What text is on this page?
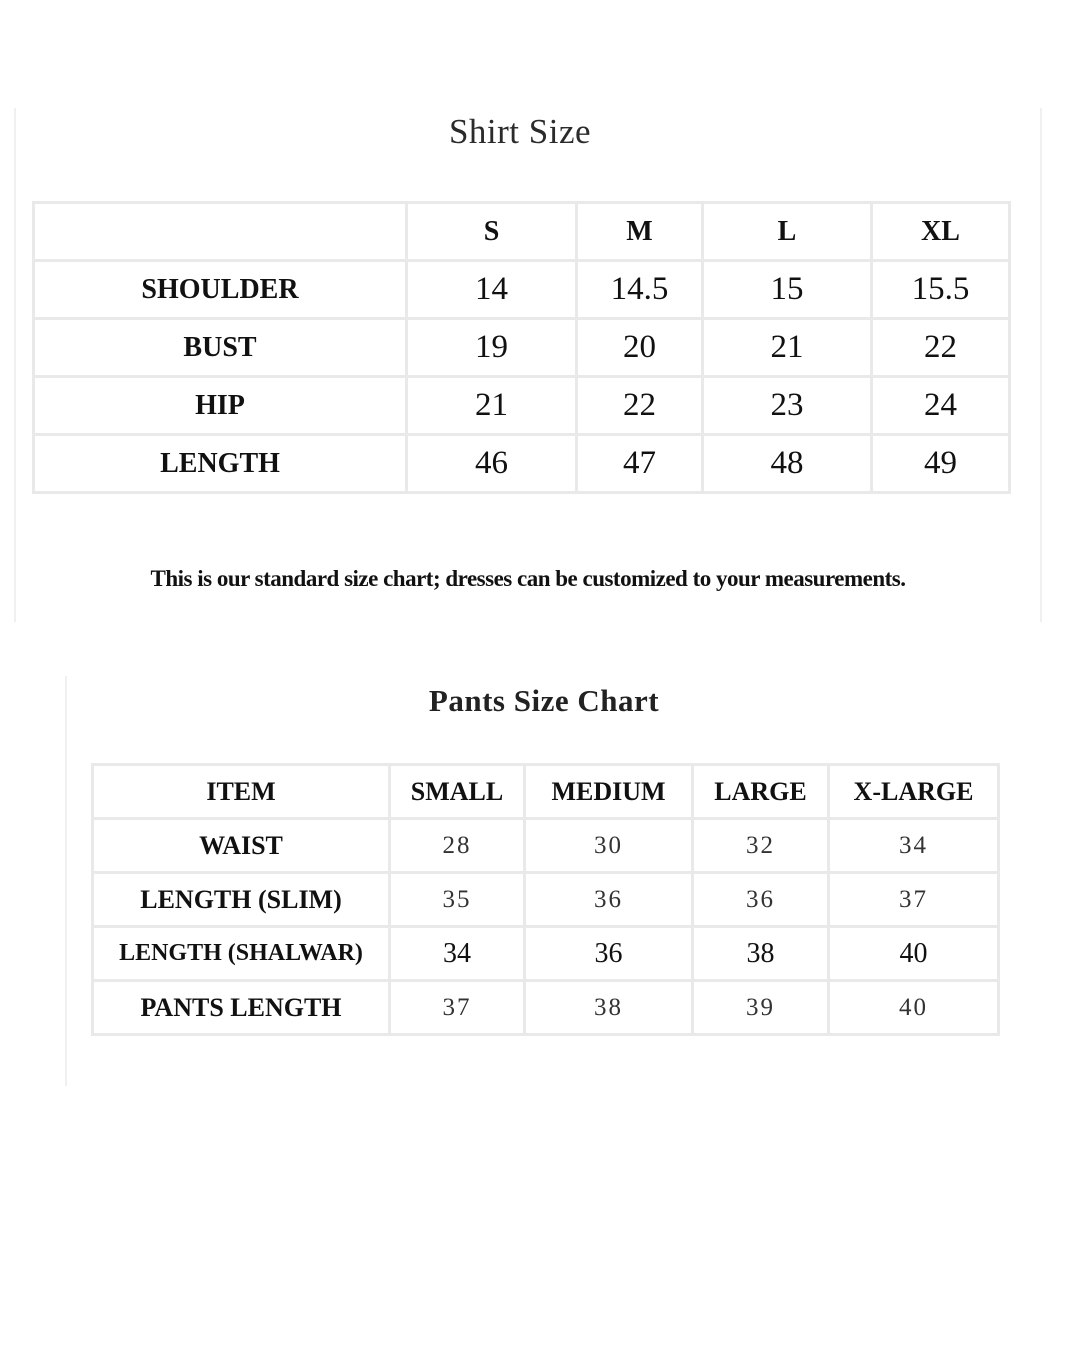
Shirt Size
	S	M	L	XL
SHOULDER	14	14.5	15	15.5
BUST	19	20	21	22
HIP	21	22	23	24
LENGTH	46	47	48	49
This is our standard size chart; dresses can be customized to your measurements.
Pants Size Chart
ITEM	SMALL	MEDIUM	LARGE	X-LARGE
WAIST	28	30	32	34
LENGTH (SLIM)	35	36	36	37
LENGTH (SHALWAR)	34	36	38	40
PANTS LENGTH	37	38	39	40
